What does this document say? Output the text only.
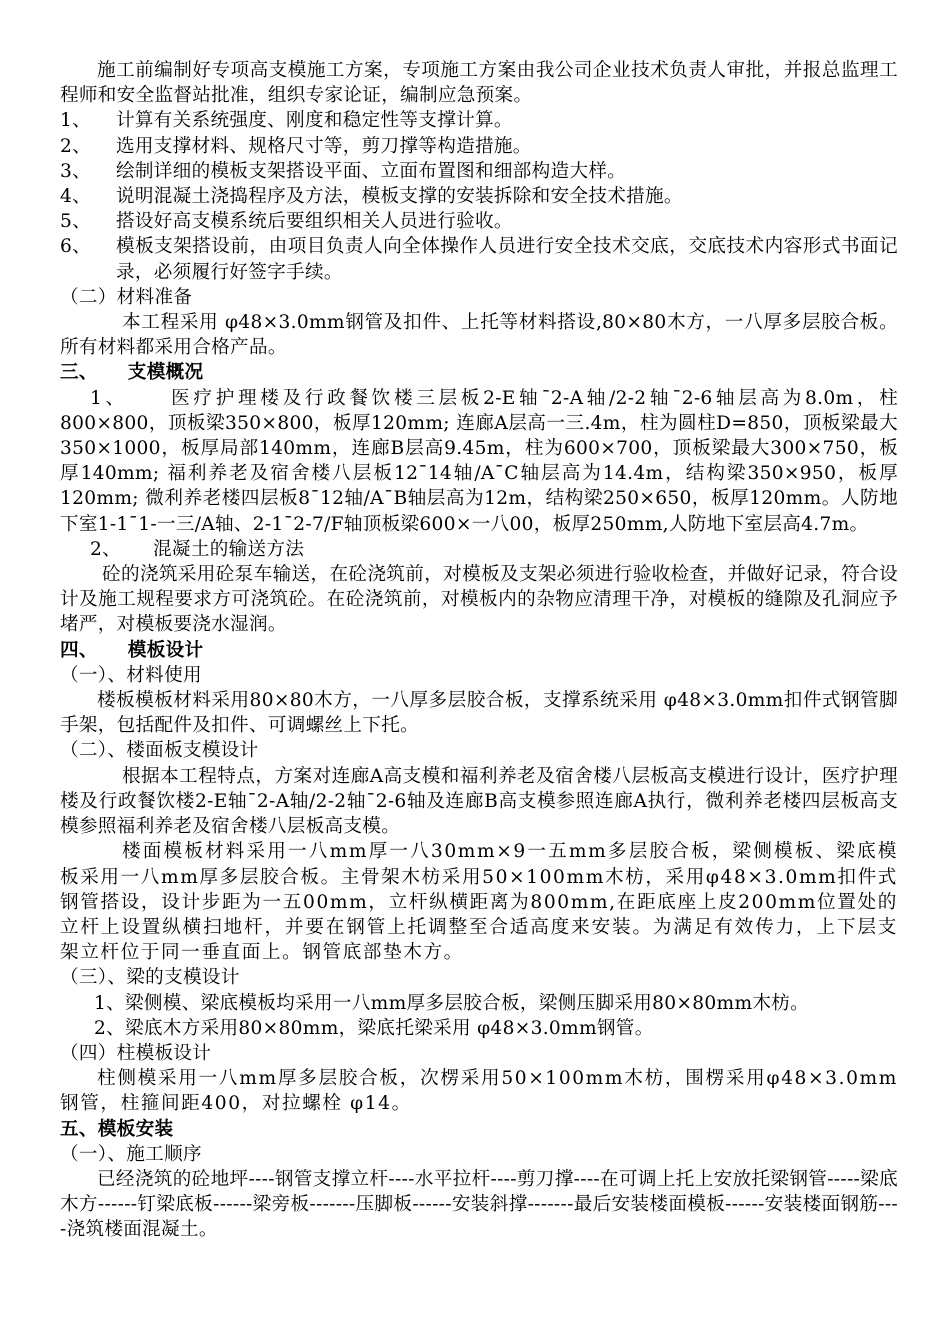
施工前编制好专项高支模施工方案，专项施工方案由我公司企业技术负责人审批，并报总监理工程师和安全监督站批准，组织专家论证，编制应急预案。

1、	计算有关系统强度、刚度和稳定性等支撑计算。

2、	选用支撑材料、规格尺寸等，剪刀撑等构造措施。

3、	绘制详细的模板支架搭设平面、立面布置图和细部构造大样。

4、	说明混凝土浇捣程序及方法，模板支撑的安装拆除和安全技术措施。

5、	搭设好高支模系统后要组织相关人员进行验收。

6、	模板支架搭设前，由项目负责人向全体操作人员进行安全技术交底，交底技术内容形式书面记录，必须履行好签字手续。

（二）材料准备

本工程采用 φ48×3.0mm钢管及扣件、上托等材料搭设,80×80木方，一八厚多层胶合板。所有材料都采用合格产品。

三、 支模概况

1、 医疗护理楼及行政餐饮楼三层板2-E轴¯2-A轴/2-2轴¯2-6轴层高为8.0m，柱800×800，顶板梁350×800，板厚120mm; 连廊A层高一三.4m，柱为圆柱D=850，顶板梁最大350×1000，板厚局部140mm，连廊B层高9.45m，柱为600×700，顶板梁最大300×750，板厚140mm; 福利养老及宿舍楼八层板12¯14轴/A¯C轴层高为14.4m，结构梁350×950，板厚120mm; 微利养老楼四层板8¯12轴/A¯B轴层高为12m，结构梁250×650，板厚120mm。人防地下室1-1¯1-一三/A轴、2-1¯2-7/F轴顶板梁600×一八00，板厚250mm,人防地下室层高4.7m。

2、 混凝土的输送方法

砼的浇筑采用砼泵车输送，在砼浇筑前，对模板及支架必须进行验收检查，并做好记录，符合设计及施工规程要求方可浇筑砼。在砼浇筑前，对模板内的杂物应清理干净，对模板的缝隙及孔洞应予堵严，对模板要浇水湿润。

四、 模板设计

（一）、材料使用

楼板模板材料采用80×80木方，一八厚多层胶合板，支撑系统采用 φ48×3.0mm扣件式钢管脚手架，包括配件及扣件、可调螺丝上下托。

（二）、楼面板支模设计

根据本工程特点，方案对连廊A高支模和福利养老及宿舍楼八层板高支模进行设计，医疗护理楼及行政餐饮楼2-E轴¯2-A轴/2-2轴¯2-6轴及连廊B高支模参照连廊A执行，微利养老楼四层板高支模参照福利养老及宿舍楼八层板高支模。

楼面模板材料采用一八mm厚一八30mm×9一五mm多层胶合板，梁侧模板、梁底模板采用一八mm厚多层胶合板。主骨架木枋采用50×100mm木枋，采用φ48×3.0mm扣件式钢管搭设，设计步距为一五00mm，立杆纵横距离为800mm,在距底座上皮200mm位置处的立杆上设置纵横扫地杆，并要在钢管上托调整至合适高度来安装。为满足有效传力，上下层支架立杆位于同一垂直面上。钢管底部垫木方。

（三）、梁的支模设计

1、梁侧模、梁底模板均采用一八mm厚多层胶合板，梁侧压脚采用80×80mm木枋。

2、梁底木方采用80×80mm，梁底托梁采用 φ48×3.0mm钢管。

（四）柱模板设计

柱侧模采用一八mm厚多层胶合板，次楞采用50×100mm木枋，围楞采用φ48×3.0mm钢管，柱箍间距400，对拉螺栓 φ14。

五、模板安装

（一）、施工顺序

已经浇筑的砼地坪----钢管支撑立杆----水平拉杆----剪刀撑----在可调上托上安放托梁钢管-----梁底木方------钉梁底板------梁旁板-------压脚板------安装斜撑-------最后安装楼面模板------安装楼面钢筋----浇筑楼面混凝土。
